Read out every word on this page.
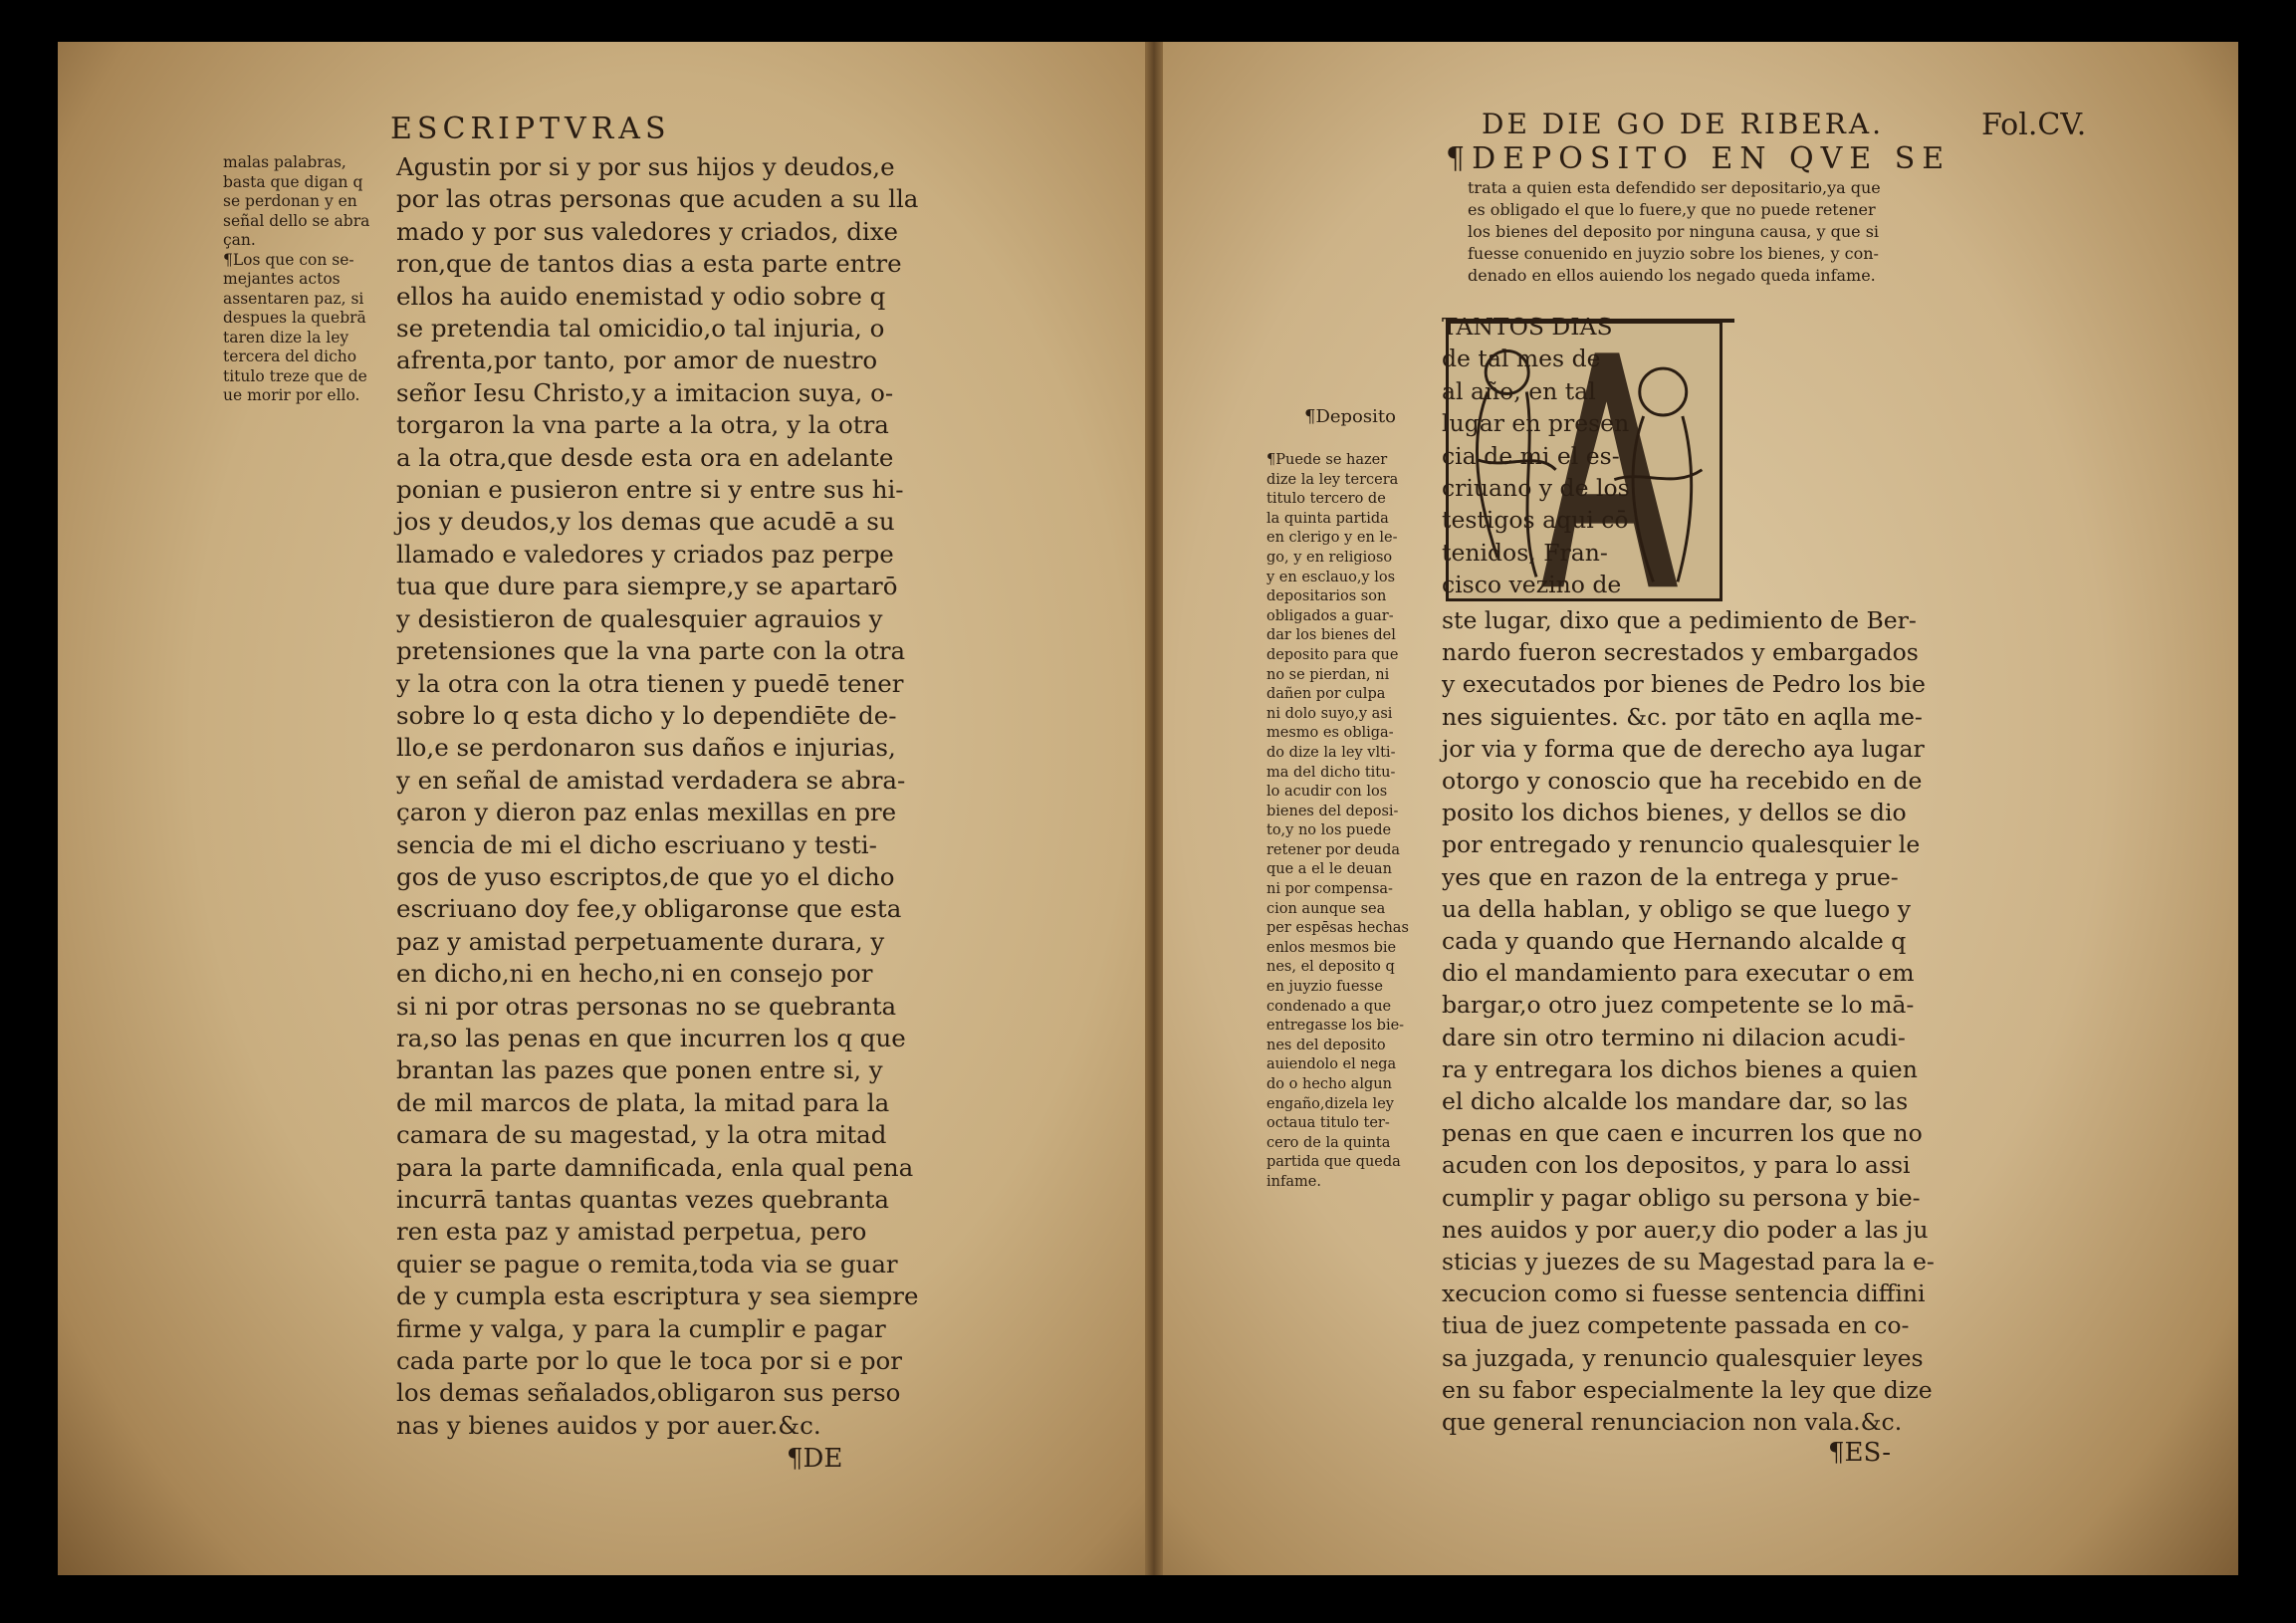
ESCRIPTVRAS
malas palabras,
basta que digan q
se perdonan y en
señal dello se abra
çan.
¶Los que con se-
mejantes actos
assentaren paz, si
despues la quebrā
taren dize la ley
tercera del dicho
titulo treze que de
ue morir por ello.
Agustin por si y por sus hijos y deudos,e
por las otras personas que acuden a su lla
mado y por sus valedores y criados, dixe
ron,que de tantos dias a esta parte entre
ellos ha auido enemistad y odio sobre q
se pretendia tal omicidio,o tal injuria, o
afrenta,por tanto, por amor de nuestro
señor Iesu Christo,y a imitacion suya, o-
torgaron la vna parte a la otra, y la otra
a la otra,que desde esta ora en adelante
ponian e pusieron entre si y entre sus hi-
jos y deudos,y los demas que acudē a su
llamado e valedores y criados paz perpe
tua que dure para siempre,y se apartarō
y desistieron de qualesquier agrauios y
pretensiones que la vna parte con la otra
y la otra con la otra tienen y puedē tener
sobre lo q esta dicho y lo dependiēte de-
llo,e se perdonaron sus daños e injurias,
y en señal de amistad verdadera se abra-
çaron y dieron paz enlas mexillas en pre
sencia de mi el dicho escriuano y testi-
gos de yuso escriptos,de que yo el dicho
escriuano doy fee,y obligaronse que esta
paz y amistad perpetuamente durara, y
en dicho,ni en hecho,ni en consejo por
si ni por otras personas no se quebranta
ra,so las penas en que incurren los q que
brantan las pazes que ponen entre si, y
de mil marcos de plata, la mitad para la
camara de su magestad, y la otra mitad
para la parte damnificada, enla qual pena
incurrā tantas quantas vezes quebranta
ren esta paz y amistad perpetua, pero
quier se pague o remita,toda via se guar
de y cumpla esta escriptura y sea siempre
firme y valga, y para la cumplir e pagar
cada parte por lo que le toca por si e por
los demas señalados,obligaron sus perso
nas y bienes auidos y por auer.&c.
¶DE
DE DIE GO DE RIBERA.	Fol.CV.
¶DEPOSITO EN QVE SE
trata a quien esta defendido ser depositario,ya que
es obligado el que lo fuere,y que no puede retener
los bienes del deposito por ninguna causa, y que si
fuesse conuenido en juyzio sobre los bienes, y con-
denado en ellos auiendo los negado queda infame.
TANTOS DIAS
de tal mes de
al año, en tal
lugar en presen
cia de mi el es-
criuano y de los
testigos aqui cō
tenidos, Fran-
cisco vezino de
¶Deposito
¶Puede se hazer
dize la ley tercera
titulo tercero de
la quinta partida
en clerigo y en le-
go, y en religioso
y en esclauo,y los
depositarios son
obligados a guar-
dar los bienes del
deposito para que
no se pierdan, ni
dañen por culpa
ni dolo suyo,y asi
mesmo es obliga-
do dize la ley vlti-
ma del dicho titu-
lo acudir con los
bienes del deposi-
to,y no los puede
retener por deuda
que a el le deuan
ni por compensa-
cion aunque sea
per espēsas hechas
enlos mesmos bie
nes, el deposito q
en juyzio fuesse
condenado a que
entregasse los bie-
nes del deposito
auiendolo el nega
do o hecho algun
engaño,dizela ley
octaua titulo ter-
cero de la quinta
partida que queda
infame.
ste lugar, dixo que a pedimiento de Ber-
nardo fueron secrestados y embargados
y executados por bienes de Pedro los bie
nes siguientes. &c. por tāto en aqlla me-
jor via y forma que de derecho aya lugar
otorgo y conoscio que ha recebido en de
posito los dichos bienes, y dellos se dio
por entregado y renuncio qualesquier le
yes que en razon de la entrega y prue-
ua della hablan, y obligo se que luego y
cada y quando que Hernando alcalde q
dio el mandamiento para executar o em
bargar,o otro juez competente se lo mā-
dare sin otro termino ni dilacion acudi-
ra y entregara los dichos bienes a quien
el dicho alcalde los mandare dar, so las
penas en que caen e incurren los que no
acuden con los depositos, y para lo assi
cumplir y pagar obligo su persona y bie-
nes auidos y por auer,y dio poder a las ju
sticias y juezes de su Magestad para la e-
xecucion como si fuesse sentencia diffini
tiua de juez competente passada en co-
sa juzgada, y renuncio qualesquier leyes
en su fabor especialmente la ley que dize
que general renunciacion non vala.&c.
¶ES-
